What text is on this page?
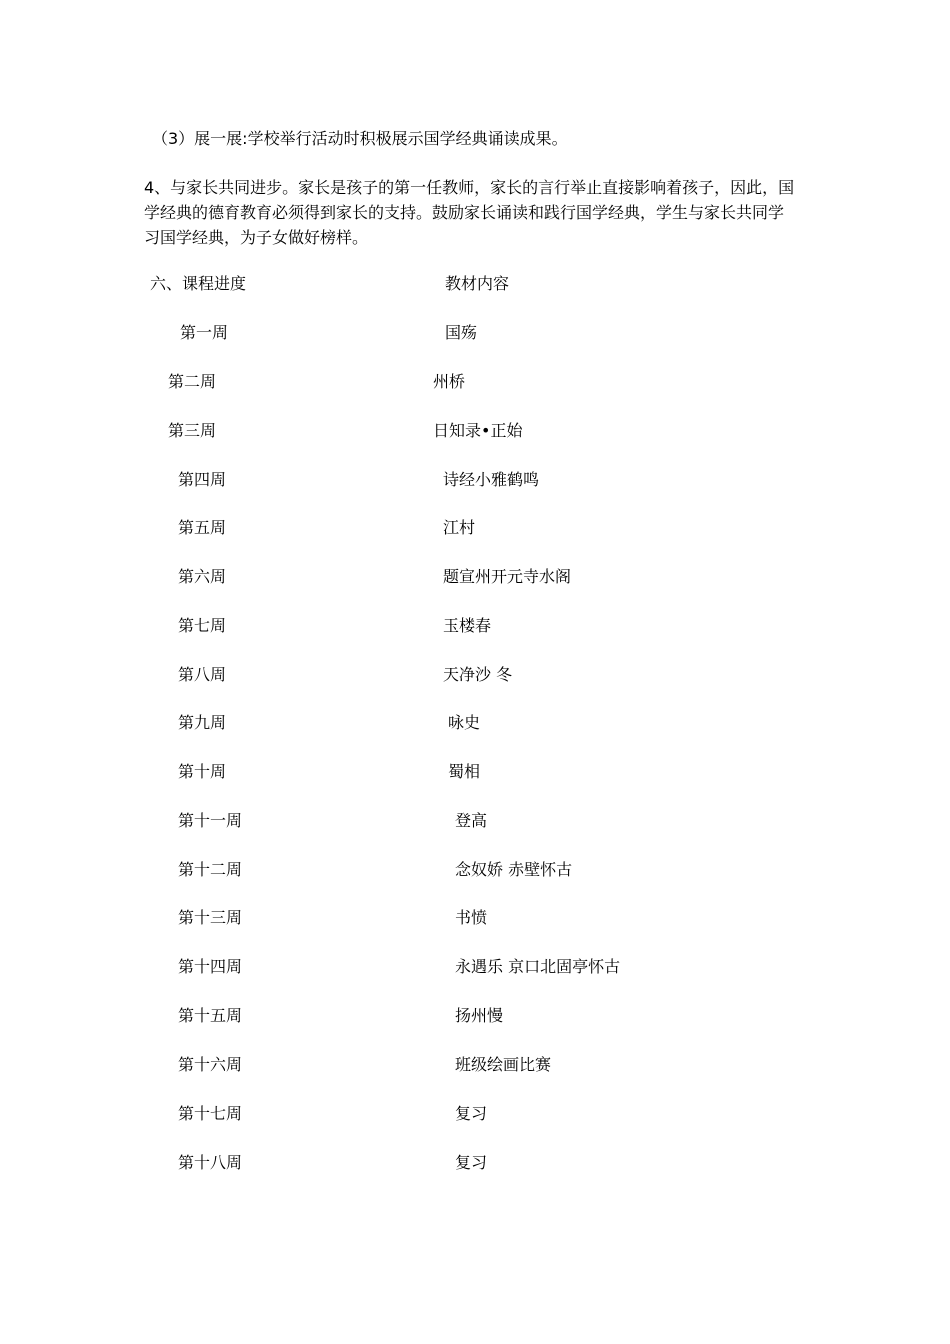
（3）展一展:学校举行活动时积极展示国学经典诵读成果。
4、与家长共同进步。家长是孩子的第一任教师，家长的言行举止直接影响着孩子，因此，国
学经典的德育教育必须得到家长的支持。鼓励家长诵读和践行国学经典，学生与家长共同学
习国学经典，为子女做好榜样。
六、课程进度	教材内容
第一周	国殇
第二周	州桥
第三周	日知录•正始
第四周	诗经小雅鹤鸣
第五周	江村
第六周	题宣州开元寺水阁
第七周	玉楼春
第八周	天净沙 冬
第九周	咏史
第十周	蜀相
第十一周	登高
第十二周	念奴娇 赤壁怀古
第十三周	书愤
第十四周	永遇乐 京口北固亭怀古
第十五周	扬州慢
第十六周	班级绘画比赛
第十七周	复习
第十八周	复习
